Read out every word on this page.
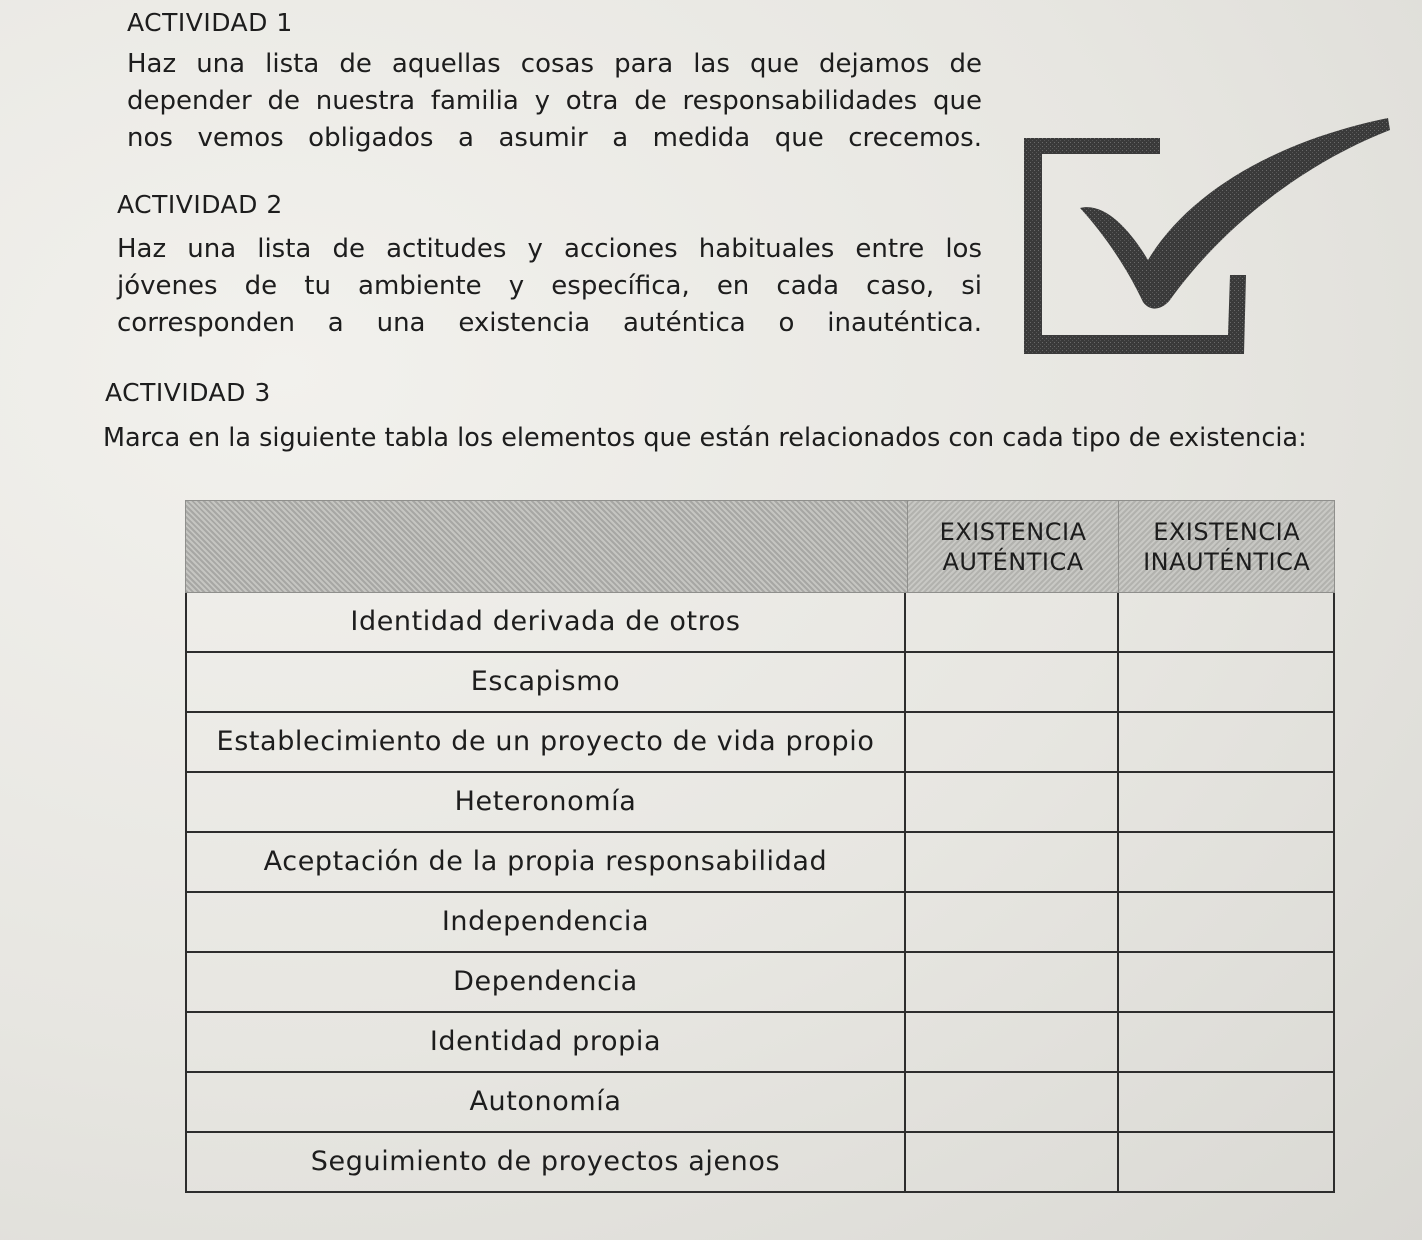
ACTIVIDAD 1
Haz una lista de aquellas cosas para las que dejamos de
depender de nuestra familia y otra de responsabilidades que
nos vemos obligados a asumir a medida que crecemos.
ACTIVIDAD 2
Haz una lista de actitudes y acciones habituales entre los
jóvenes de tu ambiente y específica, en cada caso, si
corresponden a una existencia auténtica o inauténtica.
ACTIVIDAD 3

Marca en la siguiente tabla los elementos que están relacionados con cada tipo de existencia:

EXISTENCIA
AUTÉNTICA
EXISTENCIA
INAUTÉNTICA
Identidad derivada de otros
Escapismo
Establecimiento de un proyecto de vida propio
Heteronomía
Aceptación de la propia responsabilidad
Independencia
Dependencia
Identidad propia
Autonomía
Seguimiento de proyectos ajenos
